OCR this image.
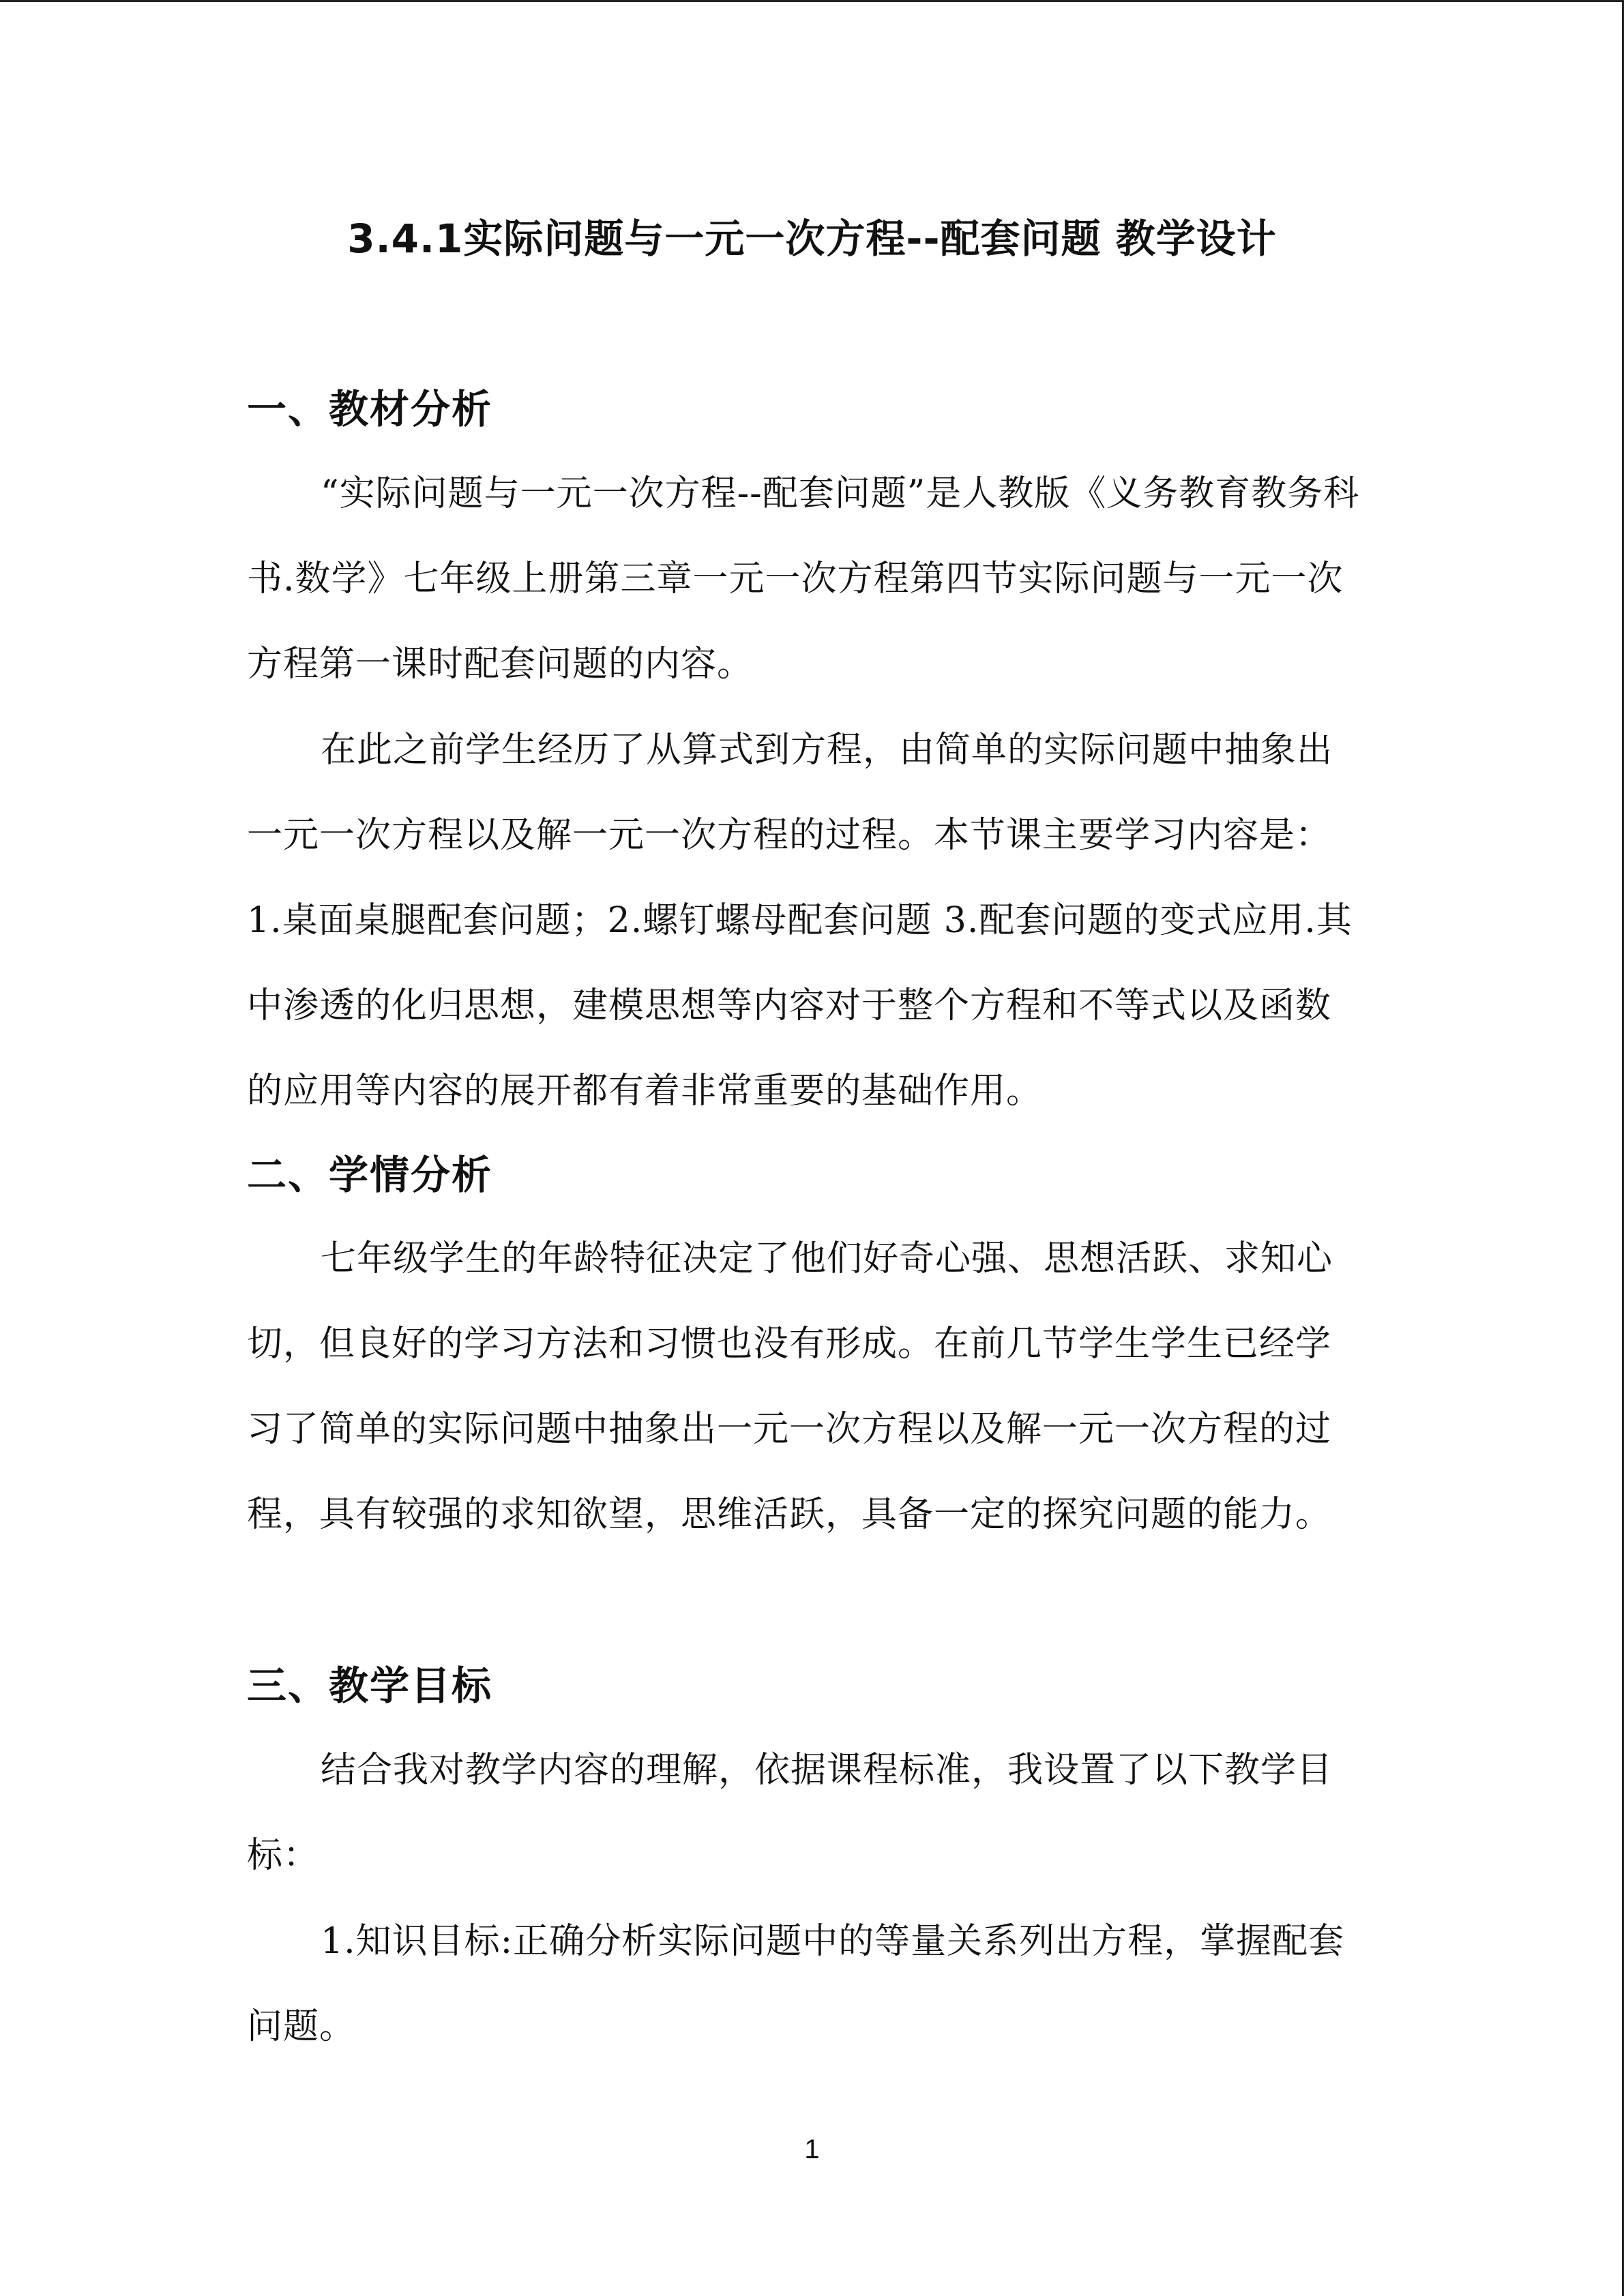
3.4.1实际问题与一元一次方程--配套问题 教学设计
一、教材分析

“实际问题与一元一次方程--配套问题”是人教版《义务教育教务科书.数学》七年级上册第三章一元一次方程第四节实际问题与一元一次方程第一课时配套问题的内容。

在此之前学生经历了从算式到方程，由简单的实际问题中抽象出一元一次方程以及解一元一次方程的过程。本节课主要学习内容是：1.桌面桌腿配套问题；2.螺钉螺母配套问题 3.配套问题的变式应用.其中渗透的化归思想，建模思想等内容对于整个方程和不等式以及函数的应用等内容的展开都有着非常重要的基础作用。

二、学情分析

七年级学生的年龄特征决定了他们好奇心强、思想活跃、求知心切，但良好的学习方法和习惯也没有形成。在前几节学生学生已经学习了简单的实际问题中抽象出一元一次方程以及解一元一次方程的过程，具有较强的求知欲望，思维活跃，具备一定的探究问题的能力。

三、教学目标

结合我对教学内容的理解，依据课程标准，我设置了以下教学目标：

1.知识目标:正确分析实际问题中的等量关系列出方程，掌握配套问题。

1
